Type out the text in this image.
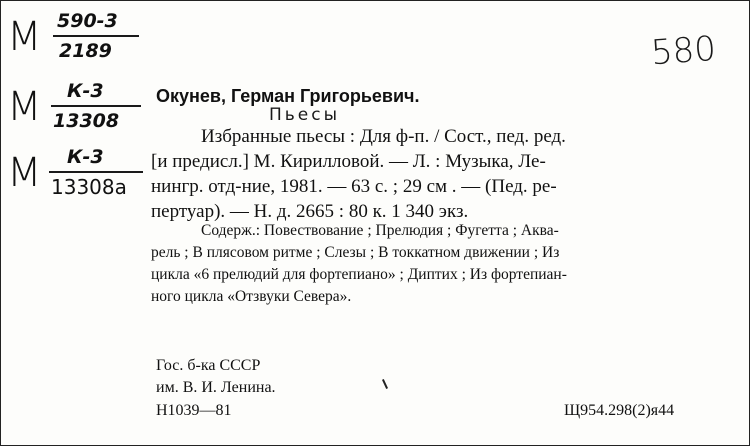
М 590-3
2189
М К-3
13308
М К-3
13308а
580
Окунев, Герман Григорьевич.
Пьесы
Избранные пьесы : Для ф-п. / Сост., пед. ред.
[и предисл.] М. Кирилловой. — Л. : Музыка, Ле-
нингр. отд-ние, 1981. — 63 с. ; 29 см . — (Пед. ре-
пертуар). — Н. д. 2665 : 80 к. 1 340 экз.
Содерж.: Повествование ; Прелюдия ; Фугетта ; Аква-
рель ; В плясовом ритме ; Слезы ; В токкатном движении ; Из
цикла «6 прелюдий для фортепиано» ; Диптих ; Из фортепиан-
ного цикла «Отзвуки Севера».
Гос. б-ка СССР
им. В. И. Ленина.
Н1039—81	Щ954.298(2)я44
